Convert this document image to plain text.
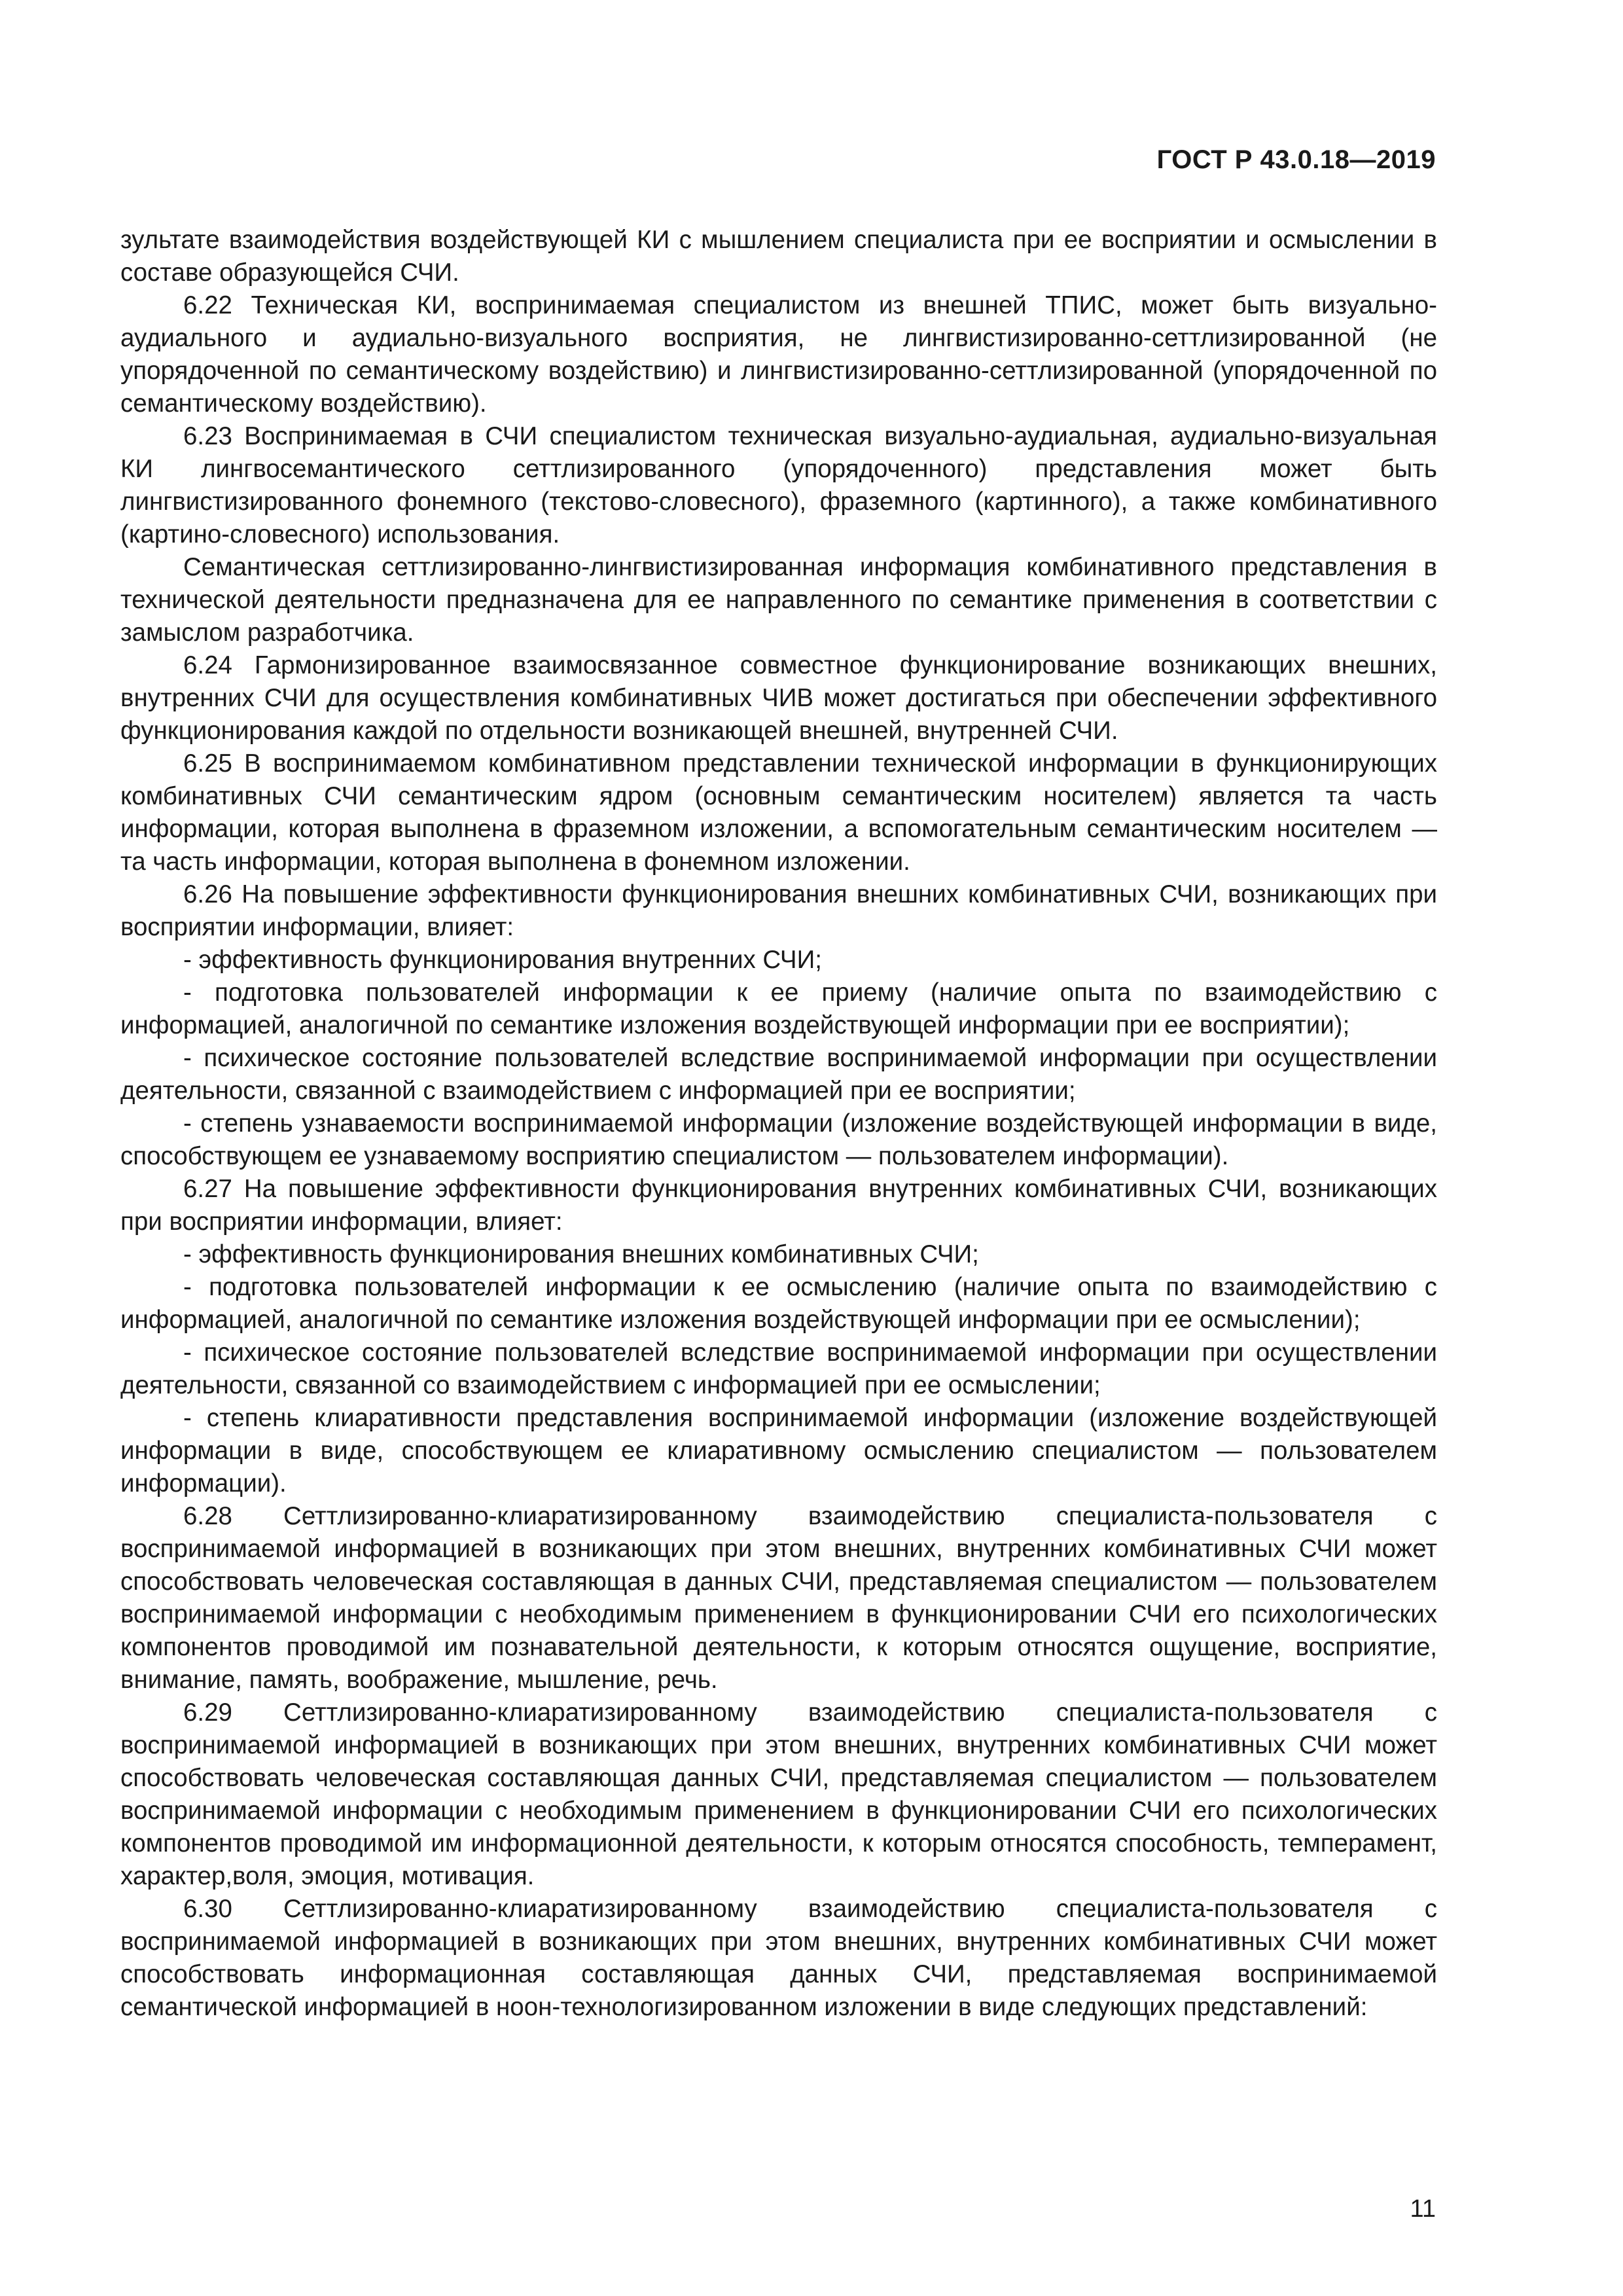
ГОСТ Р 43.0.18—2019

зультате взаимодействия воздействующей КИ с мышлением специалиста при ее восприятии и осмыслении в составе образующейся СЧИ.

6.22 Техническая КИ, воспринимаемая специалистом из внешней ТПИС, может быть визуально-аудиального и аудиально-визуального восприятия, не лингвистизированно-сеттлизированной (не упорядоченной по семантическому воздействию) и лингвистизированно-сеттлизированной (упорядоченной по семантическому воздействию).

6.23 Воспринимаемая в СЧИ специалистом техническая визуально-аудиальная, аудиально-визуальная КИ лингвосемантического сеттлизированного (упорядоченного) представления может быть лингвистизированного фонемного (текстово-словесного), фраземного (картинного), а также комбинативного (картино-словесного) использования.

Семантическая сеттлизированно-лингвистизированная информация комбинативного представления в технической деятельности предназначена для ее направленного по семантике применения в соответствии с замыслом разработчика.

6.24 Гармонизированное взаимосвязанное совместное функционирование возникающих внешних, внутренних СЧИ для осуществления комбинативных ЧИВ может достигаться при обеспечении эффективного функционирования каждой по отдельности возникающей внешней, внутренней СЧИ.

6.25 В воспринимаемом комбинативном представлении технической информации в функционирующих комбинативных СЧИ семантическим ядром (основным семантическим носителем) является та часть информации, которая выполнена в фраземном изложении, а вспомогательным семантическим носителем — та часть информации, которая выполнена в фонемном изложении.

6.26 На повышение эффективности функционирования внешних комбинативных СЧИ, возникающих при восприятии информации, влияет:

- эффективность функционирования внутренних СЧИ;

- подготовка пользователей информации к ее приему (наличие опыта по взаимодействию с информацией, аналогичной по семантике изложения воздействующей информации при ее восприятии);

- психическое состояние пользователей вследствие воспринимаемой информации при осуществлении деятельности, связанной с взаимодействием с информацией при ее восприятии;

- степень узнаваемости воспринимаемой информации (изложение воздействующей информации в виде, способствующем ее узнаваемому восприятию специалистом — пользователем информации).

6.27 На повышение эффективности функционирования внутренних комбинативных СЧИ, возникающих при восприятии информации, влияет:

- эффективность функционирования внешних комбинативных СЧИ;

- подготовка пользователей информации к ее осмыслению (наличие опыта по взаимодействию с информацией, аналогичной по семантике изложения воздействующей информации при ее осмыслении);

- психическое состояние пользователей вследствие воспринимаемой информации при осуществлении деятельности, связанной со взаимодействием с информацией при ее осмыслении;

- степень клиаративности представления воспринимаемой информации (изложение воздействующей информации в виде, способствующем ее клиаративному осмыслению специалистом — пользователем информации).

6.28 Сеттлизированно-клиаратизированному взаимодействию специалиста-пользователя с воспринимаемой информацией в возникающих при этом внешних, внутренних комбинативных СЧИ может способствовать человеческая составляющая в данных СЧИ, представляемая специалистом — пользователем воспринимаемой информации с необходимым применением в функционировании СЧИ его психологических компонентов проводимой им познавательной деятельности, к которым относятся ощущение, восприятие, внимание, память, воображение, мышление, речь.

6.29 Сеттлизированно-клиаратизированному взаимодействию специалиста-пользователя с воспринимаемой информацией в возникающих при этом внешних, внутренних комбинативных СЧИ может способствовать человеческая составляющая данных СЧИ, представляемая специалистом — пользователем воспринимаемой информации с необходимым применением в функционировании СЧИ его психологических компонентов проводимой им информационной деятельности, к которым относятся способность, темперамент, характер,воля, эмоция, мотивация.

6.30 Сеттлизированно-клиаратизированному взаимодействию специалиста-пользователя с воспринимаемой информацией в возникающих при этом внешних, внутренних комбинативных СЧИ может способствовать информационная составляющая данных СЧИ, представляемая воспринимаемой семантической информацией в ноон-технологизированном изложении в виде следующих представлений:

11
